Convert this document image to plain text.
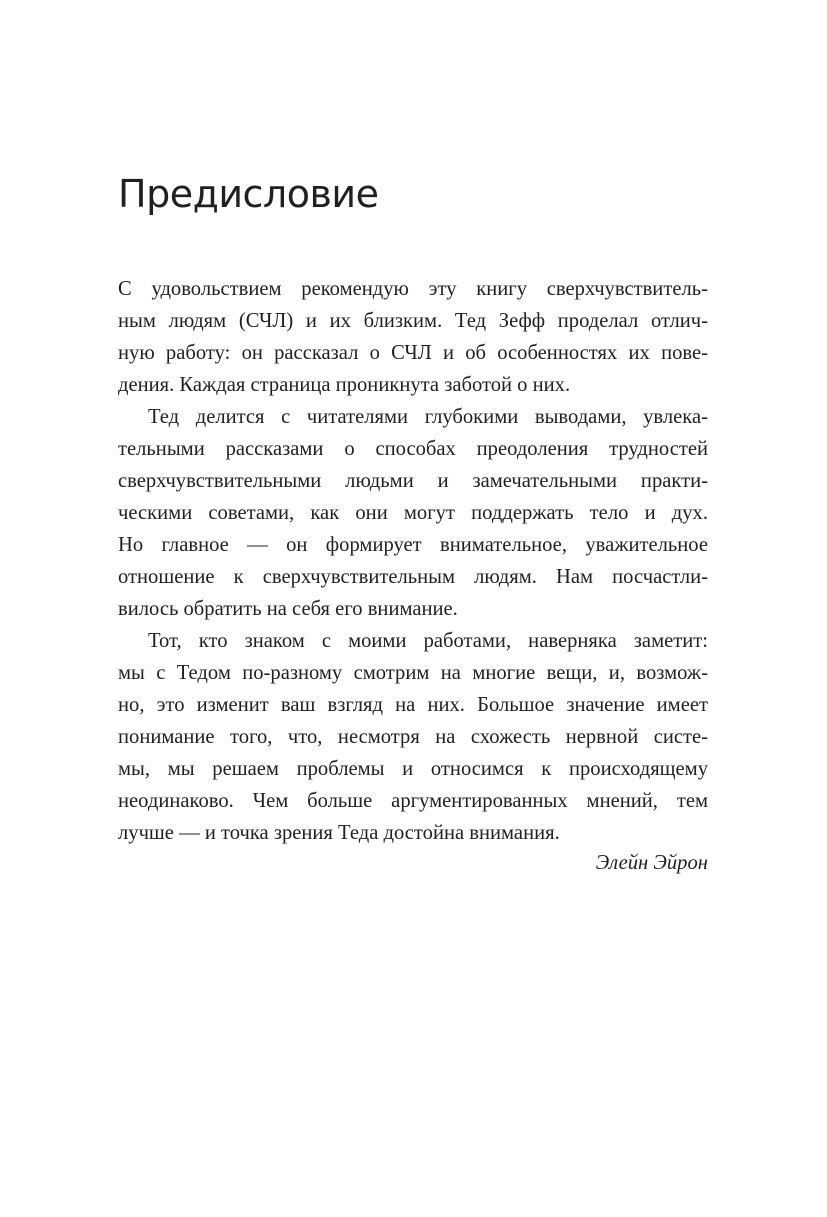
Предисловие

С удовольствием рекомендую эту книгу сверхчувствитель-

ным людям (СЧЛ) и их близким. Тед Зефф проделал отлич-

ную работу: он рассказал о СЧЛ и об особенностях их пове-

дения. Каждая страница проникнута заботой о них.

Тед делится с читателями глубокими выводами, увлека-

тельными рассказами о способах преодоления трудностей

сверхчувствительными людьми и замечательными практи-

ческими советами, как они могут поддержать тело и дух.

Но главное — он формирует внимательное, уважительное

отношение к сверхчувствительным людям. Нам посчастли-

вилось обратить на себя его внимание.

Тот, кто знаком с моими работами, наверняка заметит:

мы с Тедом по-разному смотрим на многие вещи, и, возмож-

но, это изменит ваш взгляд на них. Большое значение имеет

понимание того, что, несмотря на схожесть нервной систе-

мы, мы решаем проблемы и относимся к происходящему

неодинаково. Чем больше аргументированных мнений, тем

лучше — и точка зрения Теда достойна внимания.

Элейн Эйрон
